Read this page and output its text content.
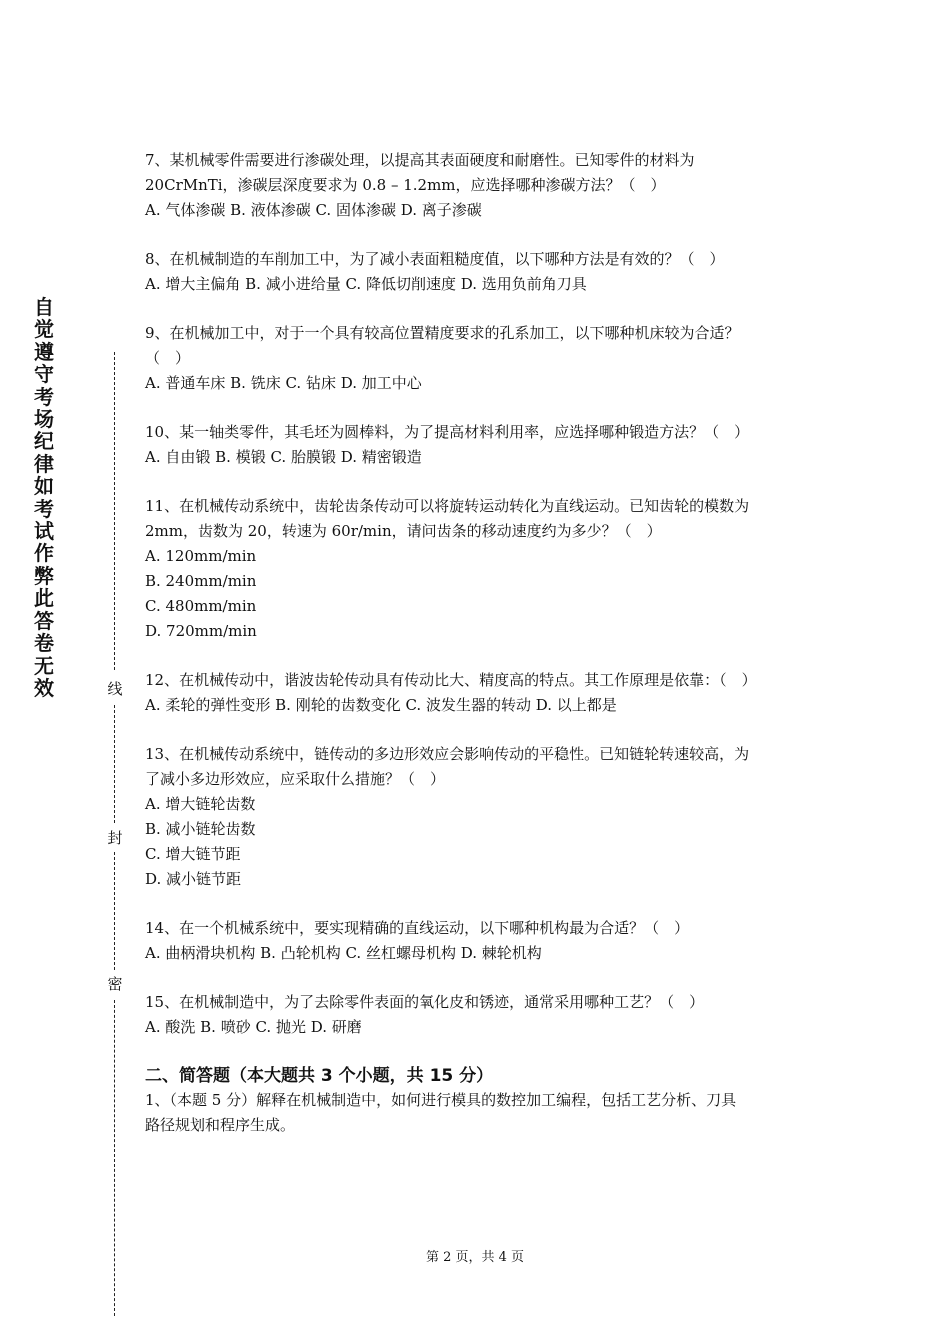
自
觉
遵
守
考
场
纪
律
如
考
试
作
弊
此
答
卷
无
效	线
封
密

7、某机械零件需要进行渗碳处理，以提高其表面硬度和耐磨性。已知零件的材料为

20CrMnTi，渗碳层深度要求为 0.8 – 1.2mm，应选择哪种渗碳方法？（　）

A. 气体渗碳 B. 液体渗碳 C. 固体渗碳 D. 离子渗碳

8、在机械制造的车削加工中，为了减小表面粗糙度值，以下哪种方法是有效的？（　）

A. 增大主偏角 B. 减小进给量 C. 降低切削速度 D. 选用负前角刀具

9、在机械加工中，对于一个具有较高位置精度要求的孔系加工，以下哪种机床较为合适？

（　）

A. 普通车床 B. 铣床 C. 钻床 D. 加工中心

10、某一轴类零件，其毛坯为圆棒料，为了提高材料利用率，应选择哪种锻造方法？（　）

A. 自由锻 B. 模锻 C. 胎膜锻 D. 精密锻造

11、在机械传动系统中，齿轮齿条传动可以将旋转运动转化为直线运动。已知齿轮的模数为

2mm，齿数为 20，转速为 60r/min，请问齿条的移动速度约为多少？（　）

A. 120mm/min

B. 240mm/min

C. 480mm/min

D. 720mm/min

12、在机械传动中，谐波齿轮传动具有传动比大、精度高的特点。其工作原理是依靠：（　）

A. 柔轮的弹性变形 B. 刚轮的齿数变化 C. 波发生器的转动 D. 以上都是

13、在机械传动系统中，链传动的多边形效应会影响传动的平稳性。已知链轮转速较高，为

了减小多边形效应，应采取什么措施？（　）

A. 增大链轮齿数

B. 减小链轮齿数

C. 增大链节距

D. 减小链节距

14、在一个机械系统中，要实现精确的直线运动，以下哪种机构最为合适？（　）

A. 曲柄滑块机构 B. 凸轮机构 C. 丝杠螺母机构 D. 棘轮机构

15、在机械制造中，为了去除零件表面的氧化皮和锈迹，通常采用哪种工艺？（　）

A. 酸洗 B. 喷砂 C. 抛光 D. 研磨

二、简答题（本大题共 3 个小题，共 15 分）

1、（本题 5 分）解释在机械制造中，如何进行模具的数控加工编程，包括工艺分析、刀具

路径规划和程序生成。

第 2 页，共 4 页
